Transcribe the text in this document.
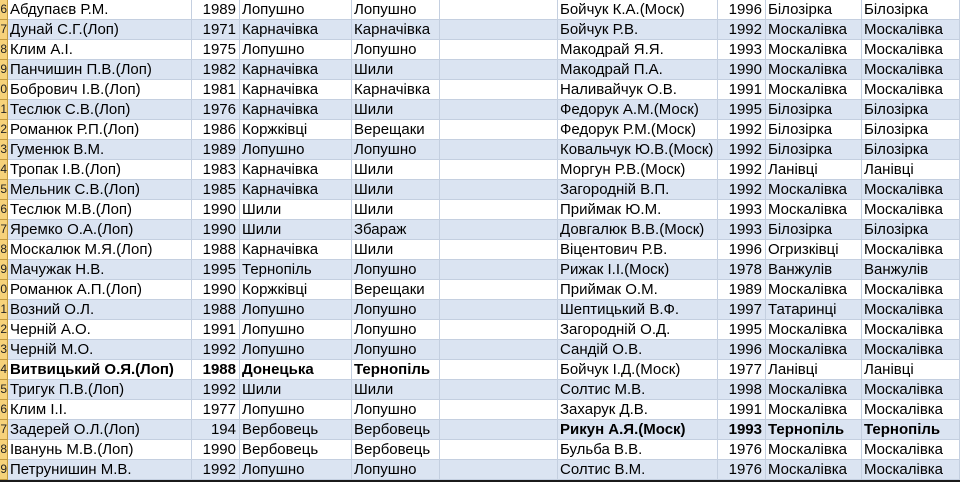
6 Абдупаєв Р.М.	1989 Лопушно	Лопушно	Бойчук К.А.(Моск)	1996 Білозірка	Білозірка
7 Дунай С.Г.(Лоп)	1971 Карначівка	Карначівка	Бойчук Р.В.	1992 Москалівка	Москалівка
8 Клим А.І.	1975 Лопушно	Лопушно	Макодрай Я.Я.	1993 Москалівка	Москалівка
9 Панчишин П.В.(Лоп)	1982 Карначівка	Шили	Макодрай П.А.	1990 Москалівка	Москалівка
0 Бобрович І.В.(Лоп)	1981 Карначівка	Карначівка	Наливайчук О.В.	1991 Москалівка	Москалівка
1 Теслюк С.В.(Лоп)	1976 Карначівка	Шили	Федорук А.М.(Моск)	1995 Білозірка	Білозірка
2 Романюк Р.П.(Лоп)	1986 Коржківці	Верещаки	Федорук Р.М.(Моск)	1992 Білозірка	Білозірка
3 Гуменюк В.М.	1989 Лопушно	Лопушно	Ковальчук Ю.В.(Моск)	1992 Білозірка	Білозірка
4 Тропак І.В.(Лоп)	1983 Карначівка	Шили	Моргун Р.В.(Моск)	1992 Ланівці	Ланівці
5 Мельник С.В.(Лоп)	1985 Карначівка	Шили	Загородній В.П.	1992 Москалівка	Москалівка
6 Теслюк М.В.(Лоп)	1990 Шили	Шили	Приймак Ю.М.	1993 Москалівка	Москалівка
7 Яремко О.А.(Лоп)	1990 Шили	Збараж	Довгалюк В.В.(Моск)	1993 Білозірка	Білозірка
8 Москалюк М.Я.(Лоп)	1988 Карначівка	Шили	Віцентович Р.В.	1996 Огризківці	Москалівка
9 Мачужак Н.В.	1995 Тернопіль	Лопушно	Рижак І.І.(Моск)	1978 Ванжулів	Ванжулів
0 Романюк А.П.(Лоп)	1990 Коржківці	Верещаки	Приймак О.М.	1989 Москалівка	Москалівка
1 Возний О.Л.	1988 Лопушно	Лопушно	Шептицький В.Ф.	1997 Татаринці	Москалівка
2 Черній А.О.	1991 Лопушно	Лопушно	Загородній О.Д.	1995 Москалівка	Москалівка
3 Черній М.О.	1992 Лопушно	Лопушно	Сандій О.В.	1996 Москалівка	Москалівка
4 Витвицький О.Я.(Лоп)	1988 Донецька	Тернопіль	Бойчук І.Д.(Моск)	1977 Ланівці	Ланівці
5 Тригук П.В.(Лоп)	1992 Шили	Шили	Солтис М.В.	1998 Москалівка	Москалівка
6 Клим І.І.	1977 Лопушно	Лопушно	Захарук Д.В.	1991 Москалівка	Москалівка
7 Задерей О.Л.(Лоп)	194 Вербовець	Вербовець	Рикун А.Я.(Моск)	1993 Тернопіль	Тернопіль
8 Іванунь М.В.(Лоп)	1990 Вербовець	Вербовець	Бульба В.В.	1976 Москалівка	Москалівка
9 Петрунишин М.В.	1992 Лопушно	Лопушно	Солтис В.М.	1976 Москалівка	Москалівка
